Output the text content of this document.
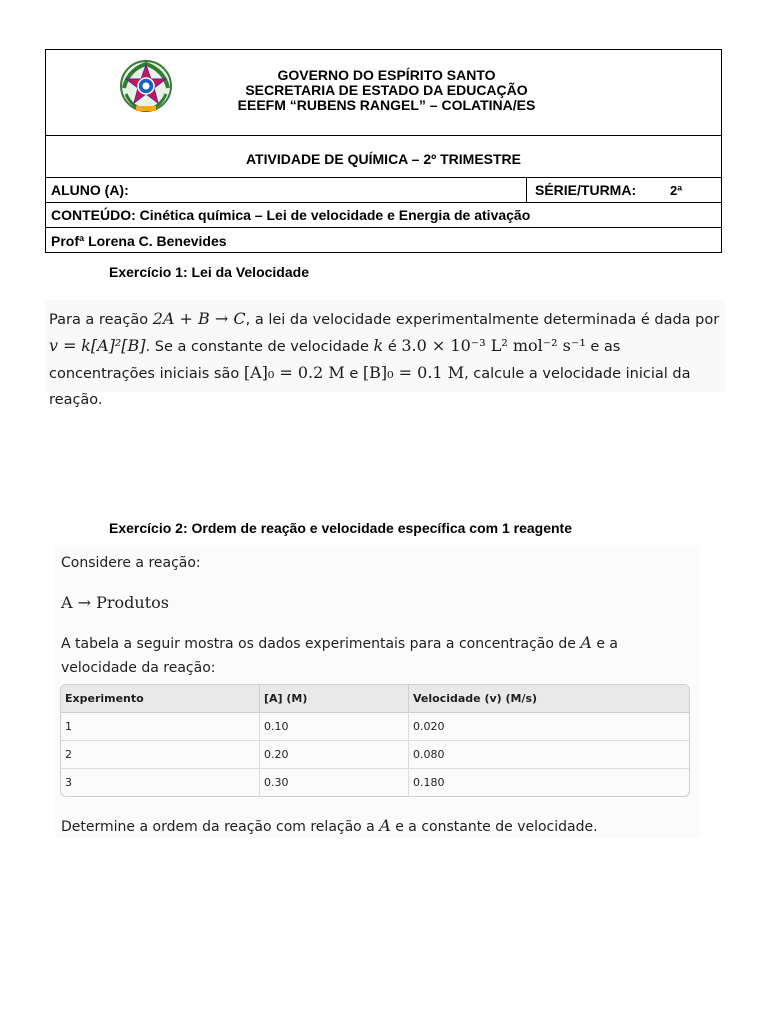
GOVERNO DO ESPÍRITO SANTO
SECRETARIA DE ESTADO DA EDUCAÇÃO
EEEFM “RUBENS RANGEL” – COLATINA/ES
ATIVIDADE DE QUÍMICA – 2º TRIMESTRE
ALUNO (A):	SÉRIE/TURMA:	2ª
CONTEÚDO: Cinética química – Lei de velocidade e Energia de ativação
Profª Lorena C. Benevides
Exercício 1: Lei da Velocidade

Para a reação 2A + B → C, a lei da velocidade experimentalmente determinada é dada por v = k[A]²[B]. Se a constante de velocidade k é 3.0 × 10⁻³ L² mol⁻² s⁻¹ e as concentrações iniciais são [A]₀ = 0.2 M e [B]₀ = 0.1 M, calcule a velocidade inicial da reação.

Exercício 2: Ordem de reação e velocidade específica com 1 reagente
Considere a reação:
A → Produtos
A tabela a seguir mostra os dados experimentais para a concentração de A e a velocidade da reação:
Experimento	[A] (M)	Velocidade (v) (M/s)
1	0.10	0.020
2	0.20	0.080
3	0.30	0.180
Determine a ordem da reação com relação a A e a constante de velocidade.
